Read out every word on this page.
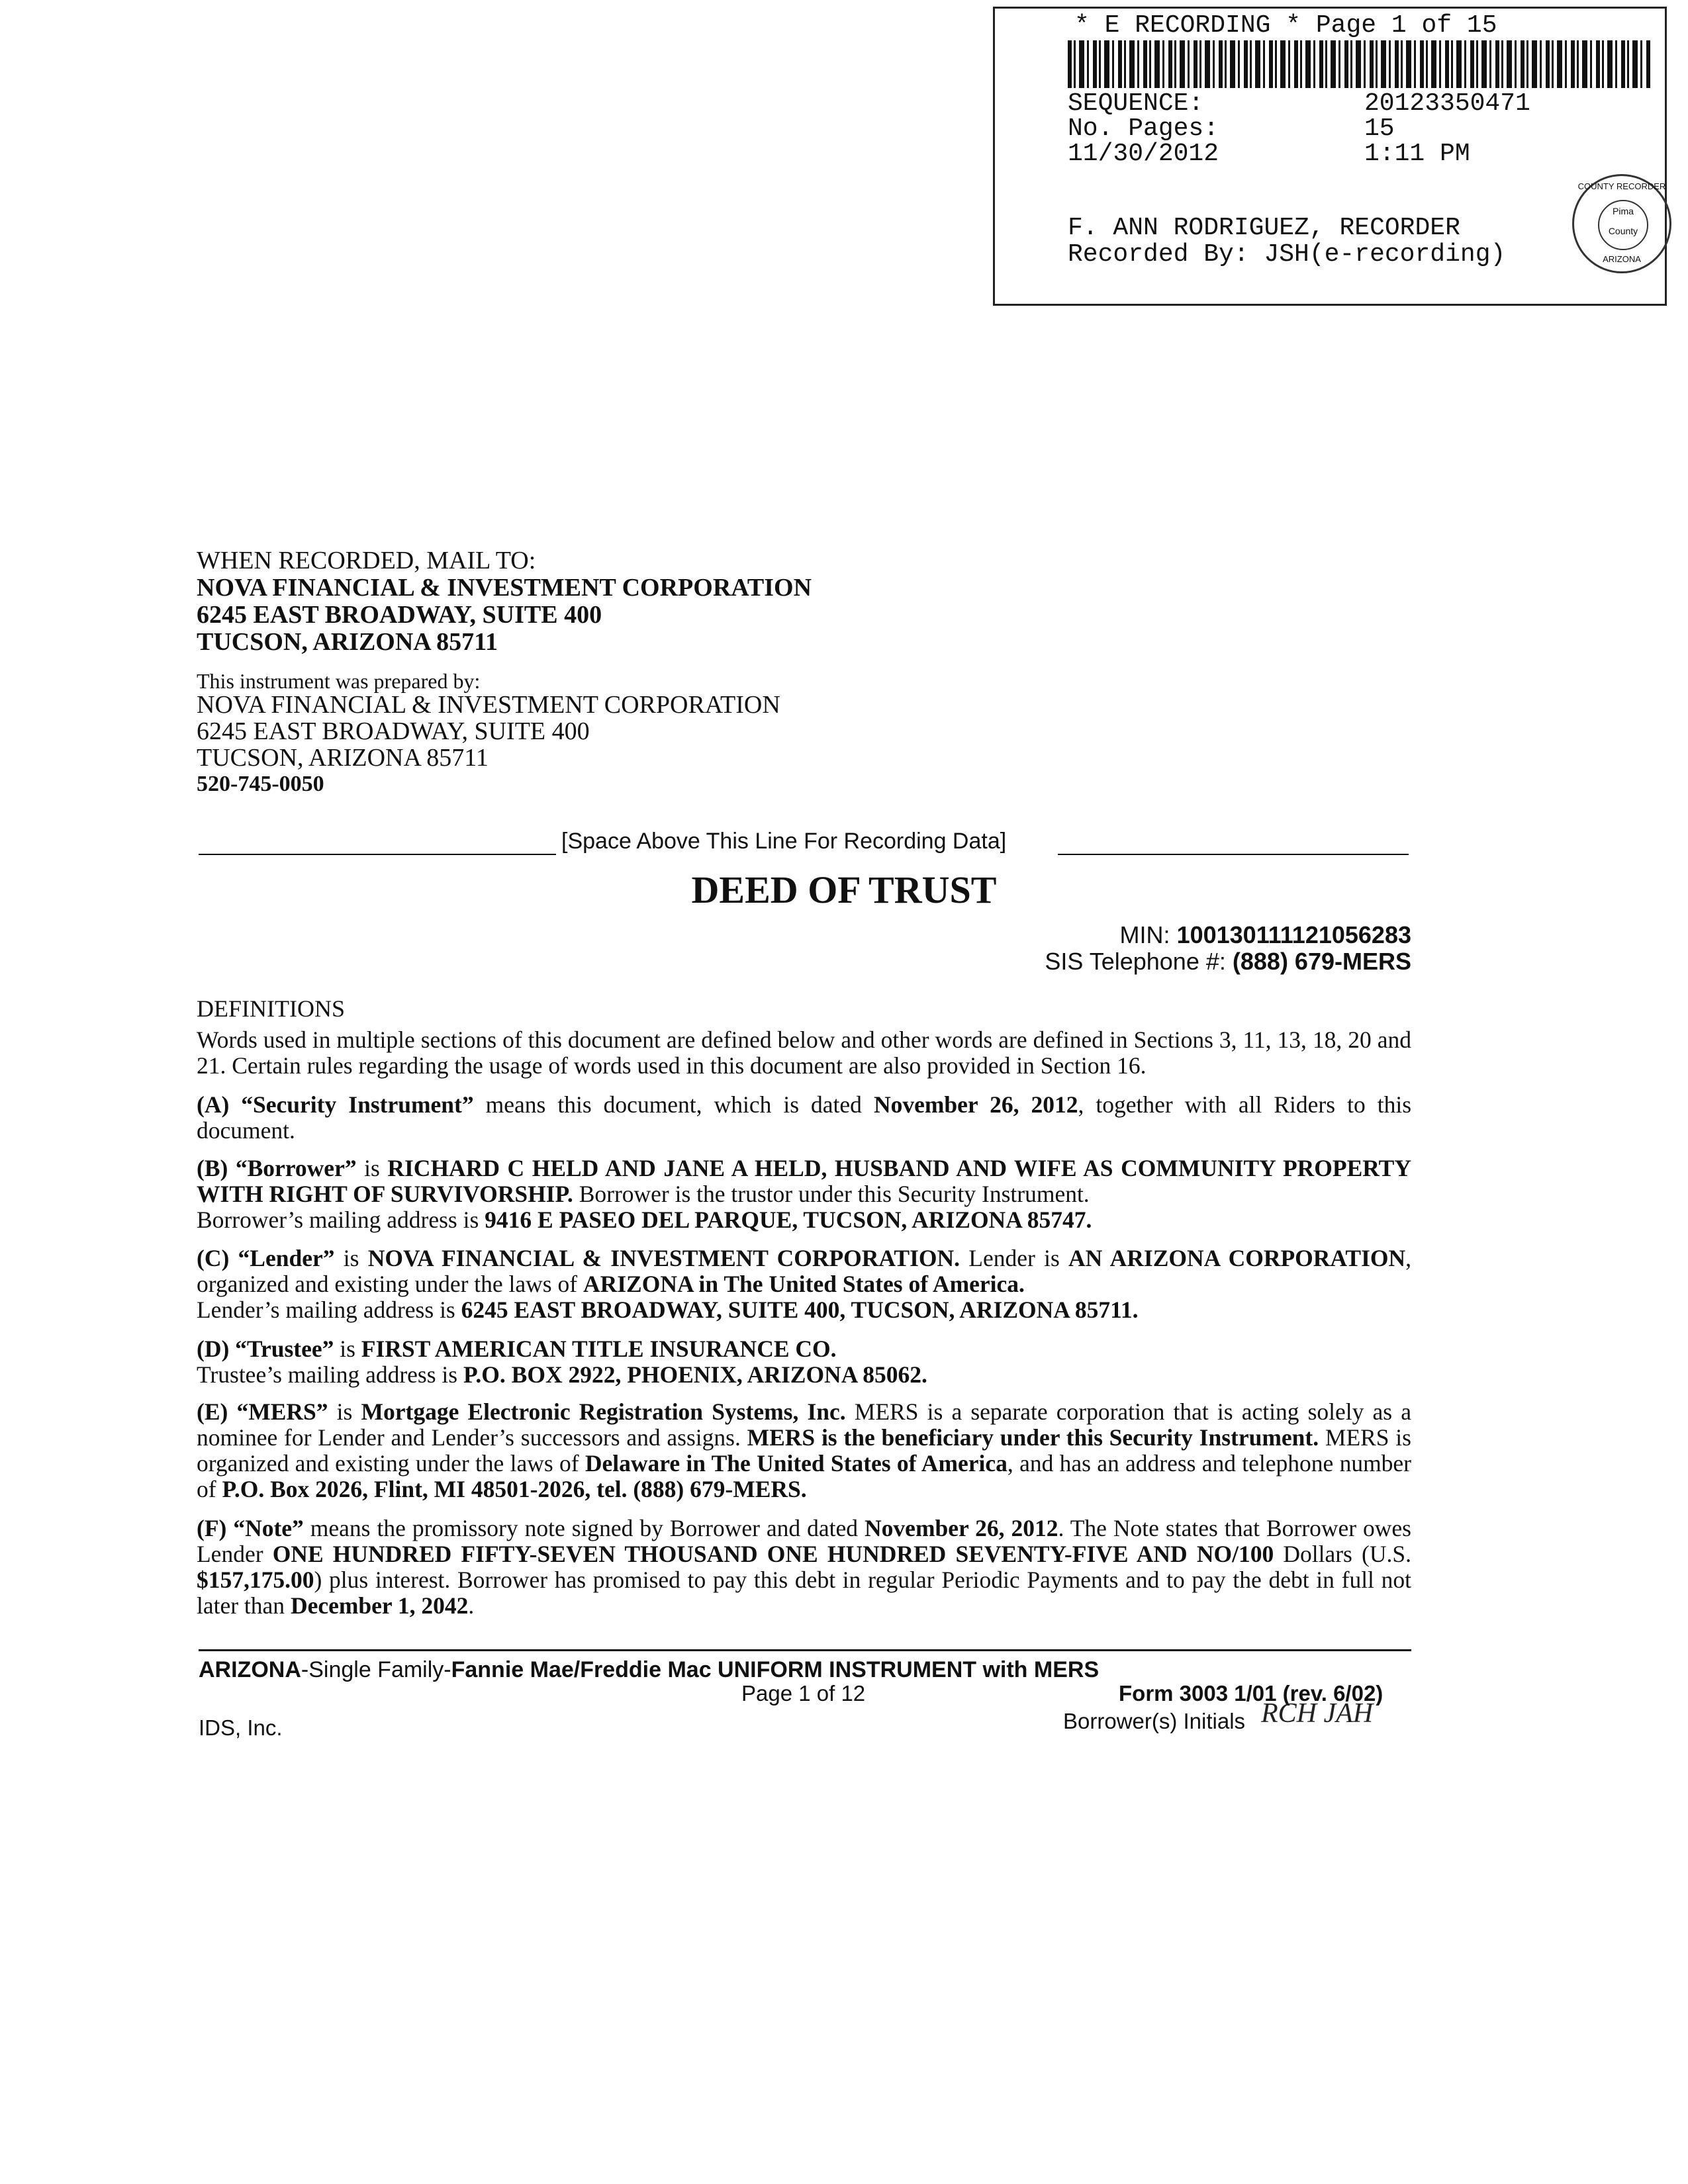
* E RECORDING * Page 1 of 15
SEQUENCE:	20123350471
No. Pages:	15
11/30/2012	1:11 PM
F. ANN RODRIGUEZ, RECORDER
Recorded By: JSH(e-recording)
COUNTY RECORDER
Pima County
ARIZONA
WHEN RECORDED, MAIL TO:
NOVA FINANCIAL & INVESTMENT CORPORATION
6245 EAST BROADWAY, SUITE 400
TUCSON, ARIZONA 85711
This instrument was prepared by:
NOVA FINANCIAL & INVESTMENT CORPORATION
6245 EAST BROADWAY, SUITE 400
TUCSON, ARIZONA 85711
520-745-0050
[Space Above This Line For Recording Data]
DEED OF TRUST
MIN: 100130111121056283
SIS Telephone #: (888) 679-MERS
DEFINITIONS
Words used in multiple sections of this document are defined below and other words are defined in Sections 3, 11, 13, 18, 20 and 21. Certain rules regarding the usage of words used in this document are also provided in Section 16.
(A) “Security Instrument” means this document, which is dated November 26, 2012, together with all Riders to this document.
(B) “Borrower” is RICHARD C HELD AND JANE A HELD, HUSBAND AND WIFE AS COMMUNITY PROPERTY WITH RIGHT OF SURVIVORSHIP. Borrower is the trustor under this Security Instrument.
Borrower’s mailing address is 9416 E PASEO DEL PARQUE, TUCSON, ARIZONA 85747.
(C) “Lender” is NOVA FINANCIAL & INVESTMENT CORPORATION. Lender is AN ARIZONA CORPORATION, organized and existing under the laws of ARIZONA in The United States of America.
Lender’s mailing address is 6245 EAST BROADWAY, SUITE 400, TUCSON, ARIZONA 85711.
(D) “Trustee” is FIRST AMERICAN TITLE INSURANCE CO.
Trustee’s mailing address is P.O. BOX 2922, PHOENIX, ARIZONA 85062.
(E) “MERS” is Mortgage Electronic Registration Systems, Inc. MERS is a separate corporation that is acting solely as a nominee for Lender and Lender’s successors and assigns. MERS is the beneficiary under this Security Instrument. MERS is organized and existing under the laws of Delaware in The United States of America, and has an address and telephone number of P.O. Box 2026, Flint, MI 48501-2026, tel. (888) 679-MERS.
(F) “Note” means the promissory note signed by Borrower and dated November 26, 2012. The Note states that Borrower owes Lender ONE HUNDRED FIFTY-SEVEN THOUSAND ONE HUNDRED SEVENTY-FIVE AND NO/100 Dollars (U.S. $157,175.00) plus interest. Borrower has promised to pay this debt in regular Periodic Payments and to pay the debt in full not later than December 1, 2042.
ARIZONA-Single Family-Fannie Mae/Freddie Mac UNIFORM INSTRUMENT with MERS
Page 1 of 12	Form 3003 1/01 (rev. 6/02)
IDS, Inc.	Borrower(s) Initials RCH JAH
